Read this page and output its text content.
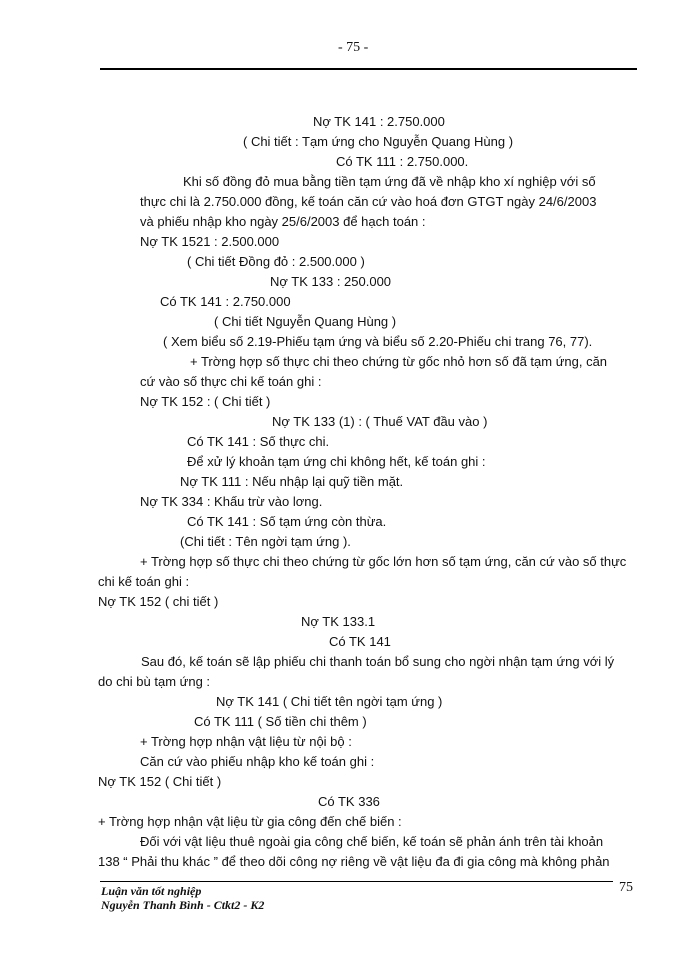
- 75 -
Nợ TK 141 : 2.750.000
( Chi tiết : Tạm ứng cho Nguyễn Quang Hùng )
Có TK 111 : 2.750.000.
Khi số đồng đỏ mua bằng tiền tạm ứng đã về nhập kho xí nghiệp với số
thực chi là 2.750.000 đồng, kế toán căn cứ vào hoá đơn GTGT ngày 24/6/2003
và phiếu nhập kho ngày 25/6/2003 để hạch toán :
Nợ TK 1521 : 2.500.000
( Chi tiết Đồng đỏ : 2.500.000 )
Nợ TK 133 : 250.000
Có TK 141 : 2.750.000
( Chi tiết Nguyễn Quang Hùng )
( Xem biểu số 2.19-Phiếu tạm ứng và biểu số 2.20-Phiếu chi trang 76, 77).
+ Trờng hợp số thực chi theo chứng từ gốc nhỏ hơn số đã tạm ứng, căn
cứ vào số thực chi kế toán ghi :
Nợ TK 152 : ( Chi tiết )
Nợ TK 133 (1) : ( Thuế VAT đầu vào )
Có TK 141 : Số thực chi.
Để xử lý khoản tạm ứng chi không hết, kế toán ghi :
Nợ TK 111 : Nếu nhập lại quỹ tiền mặt.
Nợ TK 334 : Khấu trừ vào lơng.
Có TK 141 : Số tạm ứng còn thừa.
(Chi tiết : Tên ngời tạm ứng ).
+ Trờng hợp số thực chi theo chứng từ gốc lớn hơn số tạm ứng, căn cứ vào số thực
chi kế toán ghi :
Nợ TK 152 ( chi tiết )
Nợ TK 133.1
Có TK 141
Sau đó, kế toán sẽ lập phiếu chi thanh toán bổ sung cho ngời nhận tạm ứng với lý
do chi bù tạm ứng :
Nợ TK 141 ( Chi tiết tên ngời tạm ứng )
Có TK 111 ( Số tiền chi thêm )
+ Trờng hợp nhận vật liệu từ nội bộ :
Căn cứ vào phiếu nhập kho kế toán ghi :
Nợ TK 152 ( Chi tiết )
Có TK 336
+ Trờng hợp nhận vật liệu từ gia công đến chế biến :
Đối với vật liệu thuê ngoài gia công chế biến, kế toán sẽ phản ánh trên tài khoản
138 “ Phải thu khác ” để theo dõi công nợ riêng về vật liệu đa đi gia công mà không phản
Luận văn tốt nghiệp
Nguyễn Thanh Bình - Ctkt2 - K2
75
